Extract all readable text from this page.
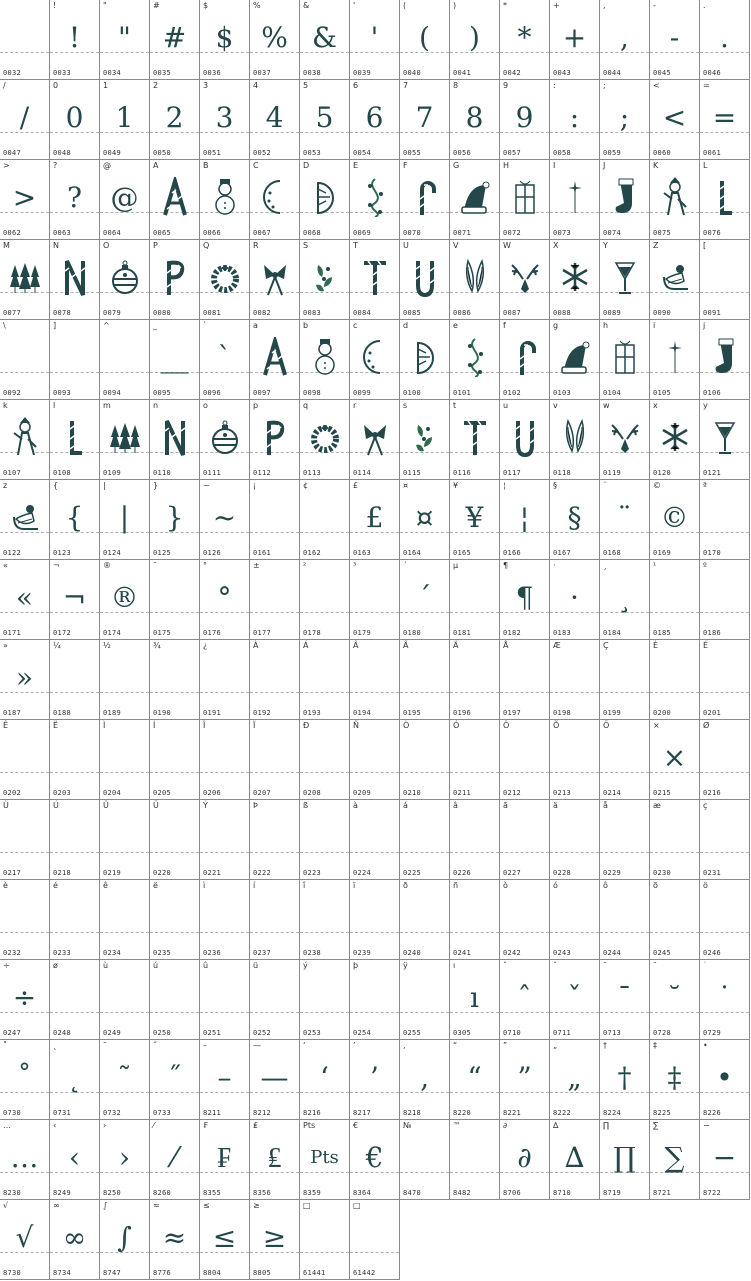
0032
!
!
0033
"
"
0034
#
#
0035
$
$
0036
%
%
0037
&
&
0038
'
'
0039
(
(
0040
)
)
0041
*
*
0042
+
+
0043
,
,
0044
-
-
0045
.
.
0046
/
/
0047
0
0
0048
1
1
0049
2
2
0050
3
3
0051
4
4
0052
5
5
0053
6
6
0054
7
7
0055
8
8
0056
9
9
0057
:
:
0058
;
;
0059
<
<
0060
=
=
0061
>
>
0062
?
?
0063
@
@
0064
A
0065
B
0066
C
0067
D
0068
E
0069
F
0070
G
0071
H
0072
I
0073
J
0074
K
0075
L
0076
M
0077
N
0078
O
0079
P
0080
Q
0081
R
0082
S
0083
T
0084
U
0085
V
0086
W
0087
X
0088
Y
0089
Z
0090
[
0091
\
0092
]
0093
^
0094
_
__
0095
`
`
0096
a
0097
b
0098
c
0099
d
0100
e
0101
f
0102
g
0103
h
0104
i
0105
j
0106
k
0107
l
0108
m
0109
n
0110
o
0111
p
0112
q
0113
r
0114
s
0115
t
0116
u
0117
v
0118
w
0119
x
0120
y
0121
z
0122
{
{
0123
|
|
0124
}
}
0125
~
~
0126
¡
0161
¢
0162
£
£
0163
¤
¤
0164
¥
¥
0165
¦
¦
0166
§
§
0167
¨
¨
0168
©
©
0169
ª
0170
«
«
0171
¬
¬
0172
®
®
0174
¯
0175
°
°
0176
±
0177
²
0178
³
0179
´
´
0180
µ
0181
¶
¶
0182
·
·
0183
¸
¸
0184
¹
0185
º
0186
»
»
0187
¼
0188
½
0189
¾
0190
¿
0191
À
0192
Á
0193
Â
0194
Ã
0195
Ä
0196
Å
0197
Æ
0198
Ç
0199
È
0200
É
0201
Ê
0202
Ë
0203
Ì
0204
Í
0205
Î
0206
Ï
0207
Ð
0208
Ñ
0209
Ò
0210
Ó
0211
Ô
0212
Õ
0213
Ö
0214
×
×
0215
Ø
0216
Ù
0217
Ú
0218
Û
0219
Ü
0220
Ý
0221
Þ
0222
ß
0223
à
0224
á
0225
â
0226
ã
0227
ä
0228
å
0229
æ
0230
ç
0231
è
0232
é
0233
ê
0234
ë
0235
ì
0236
í
0237
î
0238
ï
0239
ð
0240
ñ
0241
ò
0242
ó
0243
ô
0244
õ
0245
ö
0246
÷
÷
0247
ø
0248
ù
0249
ú
0250
û
0251
ü
0252
ý
0253
þ
0254
ÿ
0255
ı
ı
0305
ˆ
ˆ
0710
ˇ
ˇ
0711
ˉ
ˉ
0713
˘
˘
0728
˙
˙
0729
˚
˚
0730
˛
˛
0731
˜
˜
0732
˝
˝
0733
–
–
8211
—
—
8212
‘
‘
8216
’
’
8217
‚
‚
8218
“
“
8220
”
”
8221
„
„
8222
†
†
8224
‡
‡
8225
•
•
8226
…
…
8230
‹
‹
8249
›
›
8250
⁄
⁄
8260
₣
₣
8355
₤
₤
8356
Pts
Pts
8359
€
€
8364
№
8470
™
8482
∂
∂
8706
∆
∆
8710
∏
∏
8719
∑
∑
8721
−
−
8722
√
√
8730
∞
∞
8734
∫
∫
8747
≈
≈
8776
≤
≤
8804
≥
≥
8805
□
61441
□
61442
